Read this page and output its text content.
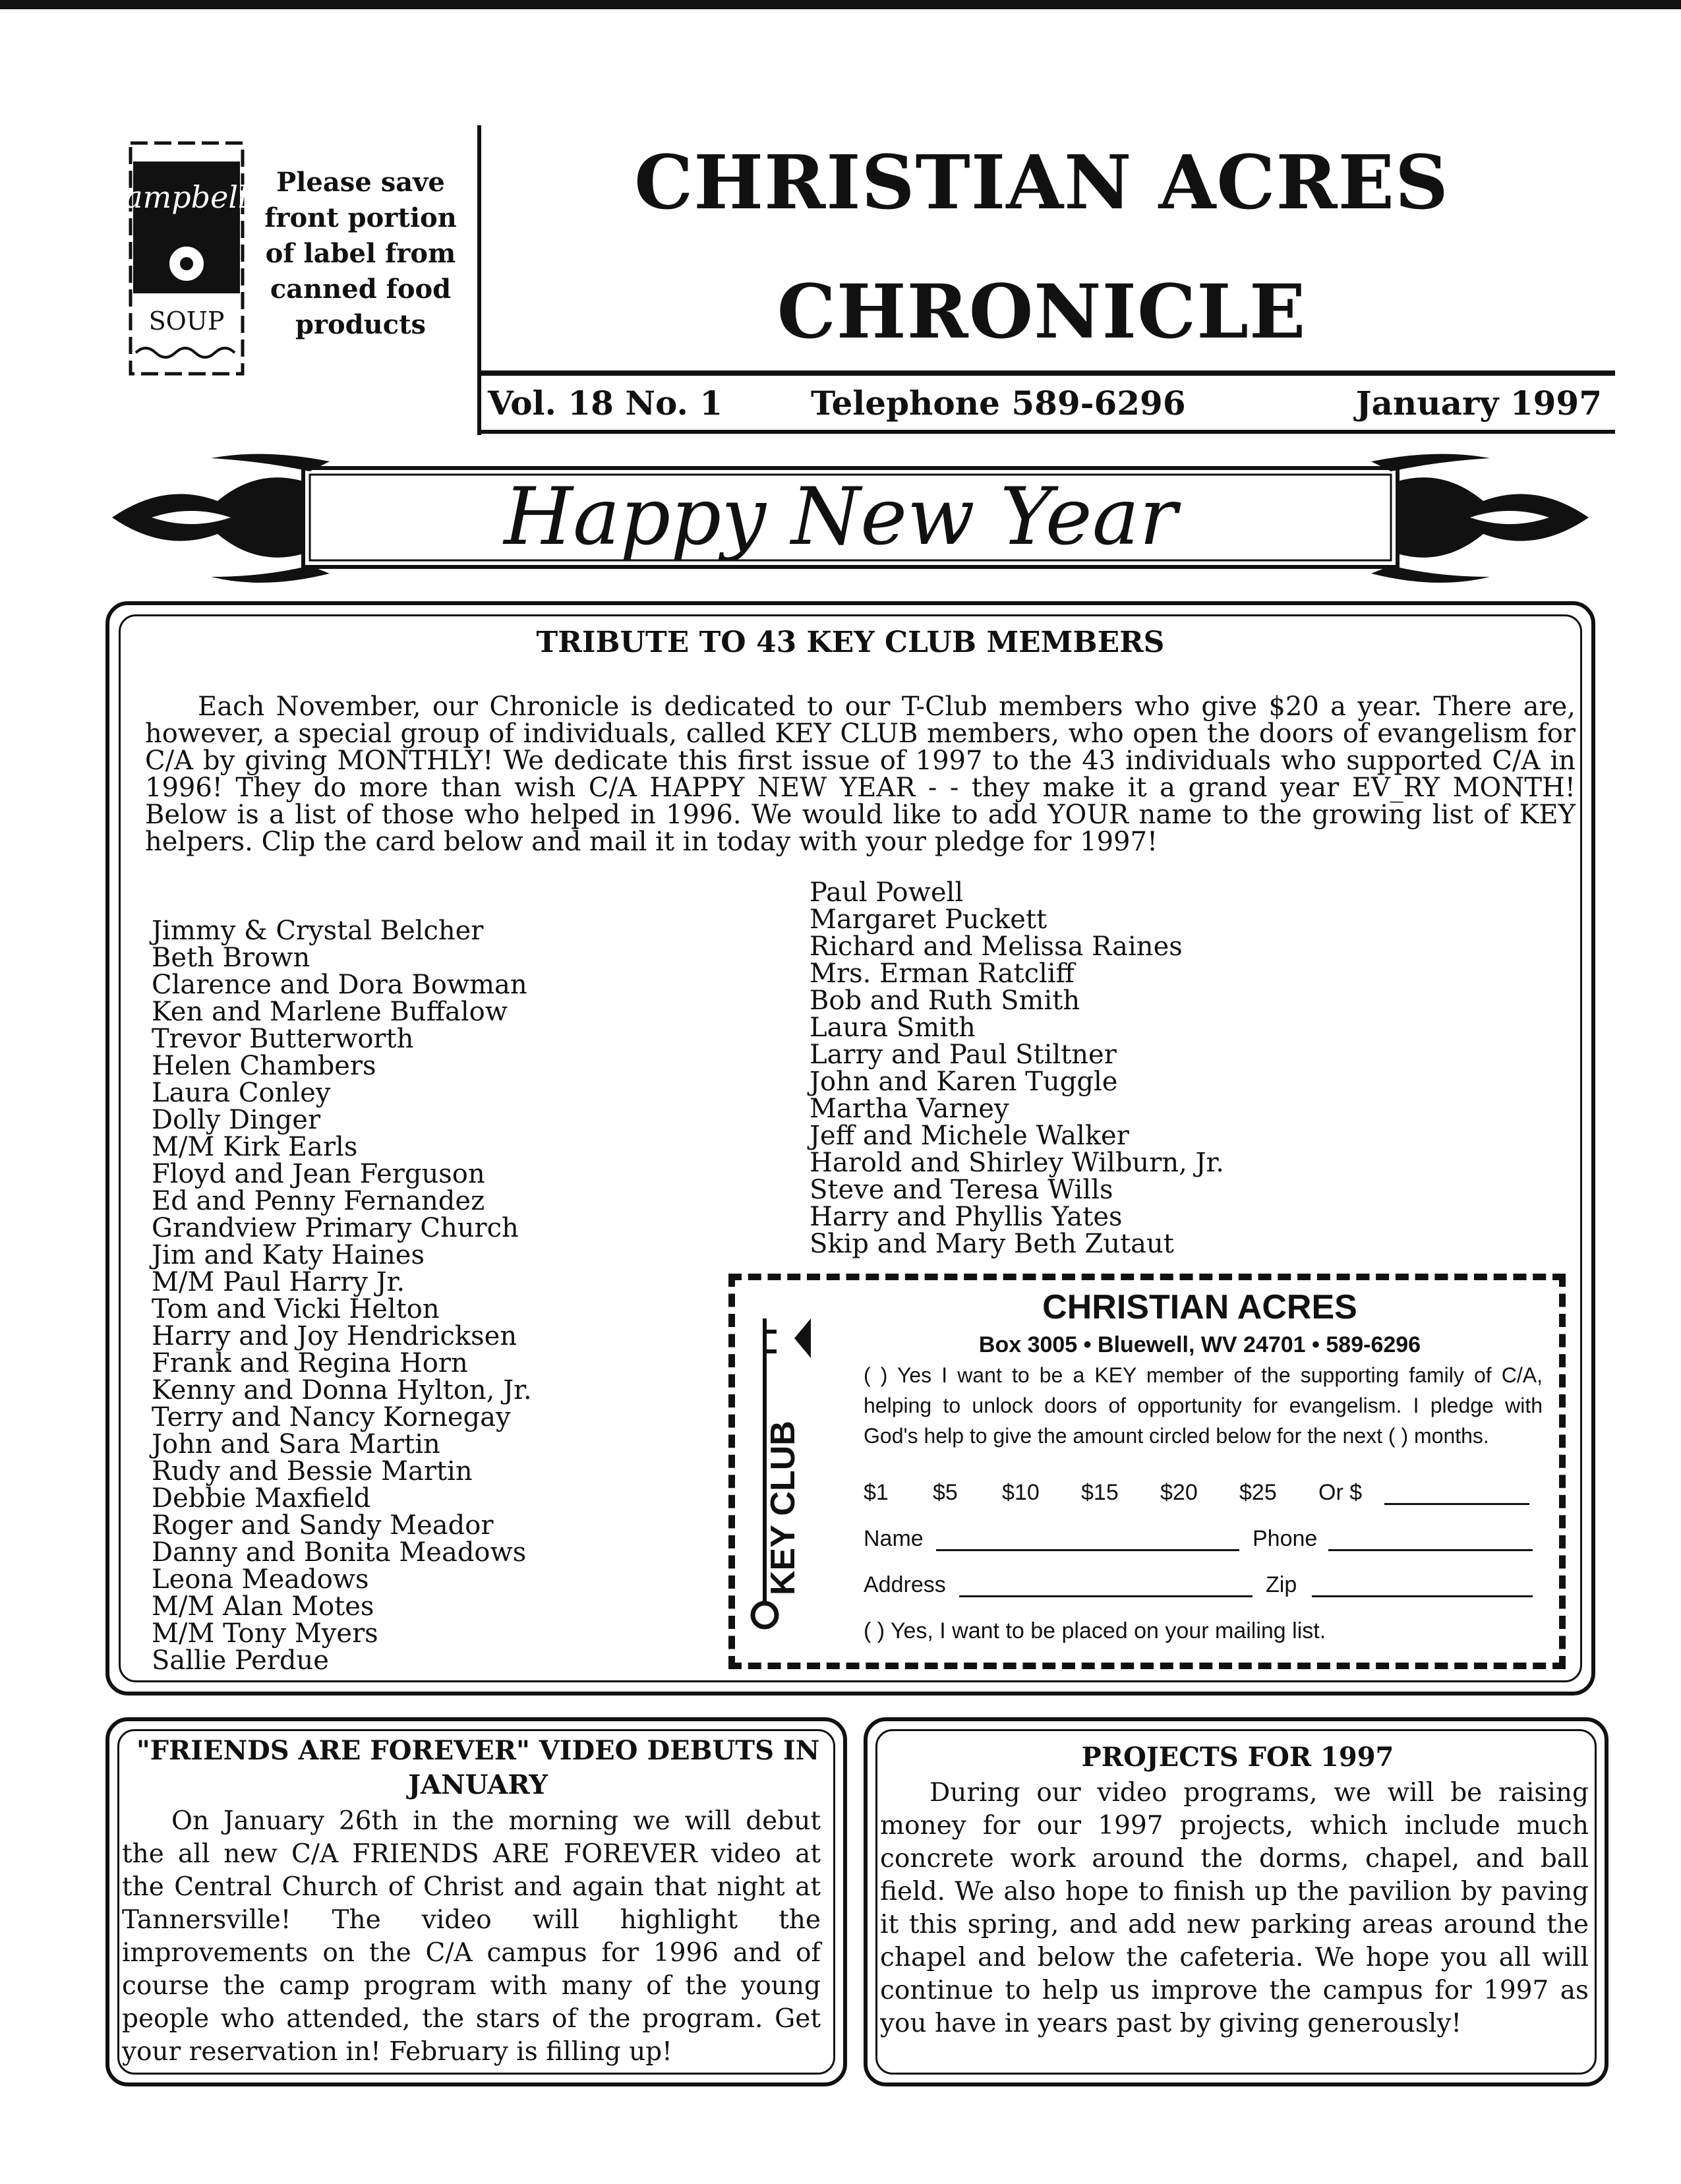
Campbell's
SOUP
Please save
front portion
of label from
canned food
products
CHRISTIAN ACRES
CHRONICLE
Vol. 18 No. 1	Telephone 589-6296	January 1997
Happy New Year
TRIBUTE TO 43 KEY CLUB MEMBERS
Each November, our Chronicle is dedicated to our T-Club members who give $20 a year. There are, however, a special group of individuals, called KEY CLUB members, who open the doors of evangelism for C/A by giving MONTHLY! We dedicate this first issue of 1997 to the 43 individuals who supported C/A in 1996! They do more than wish C/A HAPPY NEW YEAR - - they make it a grand year EV_RY MONTH! Below is a list of those who helped in 1996. We would like to add YOUR name to the growing list of KEY helpers. Clip the card below and mail it in today with your pledge for 1997!
Jimmy & Crystal Belcher
Beth Brown
Clarence and Dora Bowman
Ken and Marlene Buffalow
Trevor Butterworth
Helen Chambers
Laura Conley
Dolly Dinger
M/M Kirk Earls
Floyd and Jean Ferguson
Ed and Penny Fernandez
Grandview Primary Church
Jim and Katy Haines
M/M Paul Harry Jr.
Tom and Vicki Helton
Harry and Joy Hendricksen
Frank and Regina Horn
Kenny and Donna Hylton, Jr.
Terry and Nancy Kornegay
John and Sara Martin
Rudy and Bessie Martin
Debbie Maxfield
Roger and Sandy Meador
Danny and Bonita Meadows
Leona Meadows
M/M Alan Motes
M/M Tony Myers
Sallie Perdue
Paul Powell
Margaret Puckett
Richard and Melissa Raines
Mrs. Erman Ratcliff
Bob and Ruth Smith
Laura Smith
Larry and Paul Stiltner
John and Karen Tuggle
Martha Varney
Jeff and Michele Walker
Harold and Shirley Wilburn, Jr.
Steve and Teresa Wills
Harry and Phyllis Yates
Skip and Mary Beth Zutaut
KEY CLUB
CHRISTIAN ACRES
Box 3005 • Bluewell, WV 24701 • 589-6296
( ) Yes I want to be a KEY member of the supporting family of C/A, helping to unlock doors of opportunity for evangelism. I pledge with God's help to give the amount circled below for the next ( ) months.
$1 $5 $10 $15 $20 $25 Or $
Name	Phone
Address	Zip
( ) Yes, I want to be placed on your mailing list.
"FRIENDS ARE FOREVER" VIDEO DEBUTS IN JANUARY
On January 26th in the morning we will debut the all new C/A FRIENDS ARE FOREVER video at the Central Church of Christ and again that night at Tannersville! The video will highlight the improvements on the C/A campus for 1996 and of course the camp program with many of the young people who attended, the stars of the program. Get your reservation in! February is filling up!
PROJECTS FOR 1997
During our video programs, we will be raising money for our 1997 projects, which include much concrete work around the dorms, chapel, and ball field. We also hope to finish up the pavilion by paving it this spring, and add new parking areas around the chapel and below the cafeteria. We hope you all will continue to help us improve the campus for 1997 as you have in years past by giving generously!
